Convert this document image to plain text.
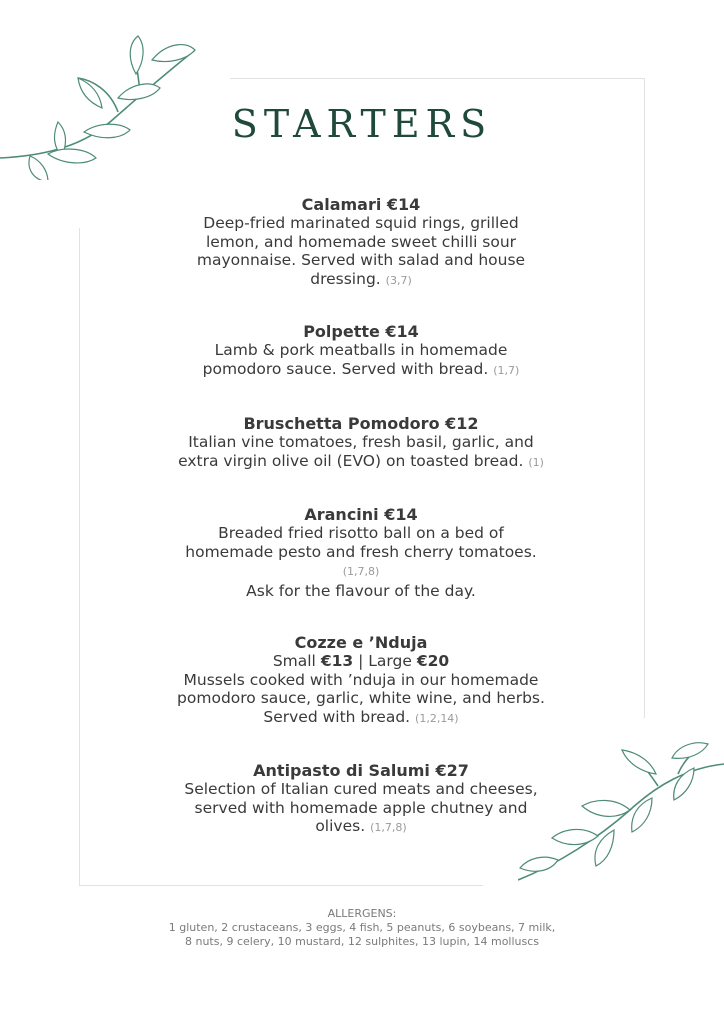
STARTERS
Calamari €14
Deep-fried marinated squid rings, grilled lemon, and homemade sweet chilli sour mayonnaise. Served with salad and house dressing. (3,7)
Polpette €14
Lamb & pork meatballs in homemade pomodoro sauce. Served with bread. (1,7)
Bruschetta Pomodoro €12
Italian vine tomatoes, fresh basil, garlic, and extra virgin olive oil (EVO) on toasted bread. (1)
Arancini €14
Breaded fried risotto ball on a bed of homemade pesto and fresh cherry tomatoes. (1,7,8)
Ask for the flavour of the day.
Cozze e ’Nduja
Small €13 | Large €20
Mussels cooked with ’nduja in our homemade pomodoro sauce, garlic, white wine, and herbs. Served with bread. (1,2,14)
Antipasto di Salumi €27
Selection of Italian cured meats and cheeses, served with homemade apple chutney and olives. (1,7,8)
ALLERGENS:
1 gluten, 2 crustaceans, 3 eggs, 4 fish, 5 peanuts, 6 soybeans, 7 milk,
8 nuts, 9 celery, 10 mustard, 12 sulphites, 13 lupin, 14 molluscs
